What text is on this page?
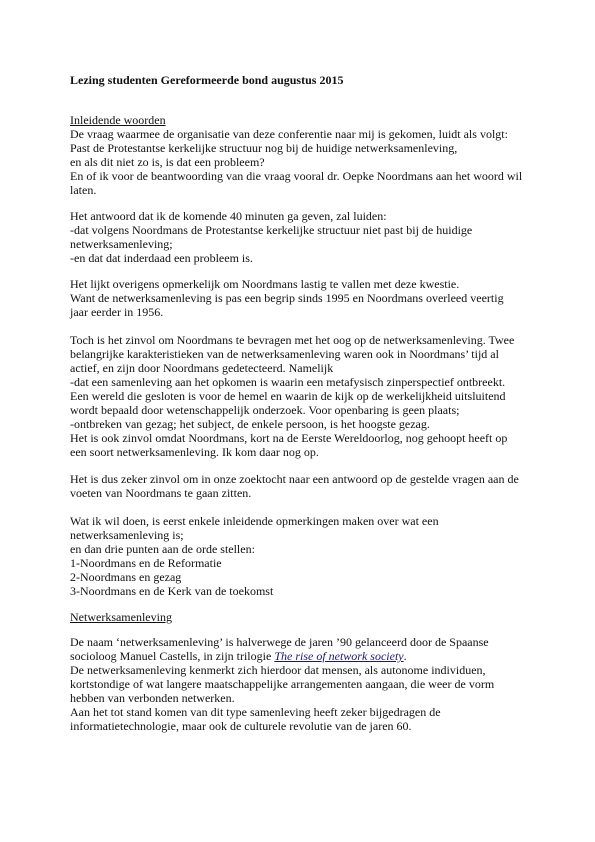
Lezing studenten Gereformeerde bond augustus 2015
Inleidende woorden
De vraag waarmee de organisatie van deze conferentie naar mij is gekomen, luidt als volgt:
Past de Protestantse kerkelijke structuur nog bij de huidige netwerksamenleving,
en als dit niet zo is, is dat een probleem?
En of ik voor de beantwoording van die vraag vooral dr. Oepke Noordmans aan het woord wil
laten.
Het antwoord dat ik de komende 40 minuten ga geven, zal luiden:
-dat volgens Noordmans de Protestantse kerkelijke structuur niet past bij de huidige
netwerksamenleving;
-en dat dat inderdaad een probleem is.
Het lijkt overigens opmerkelijk om Noordmans lastig te vallen met deze kwestie.
Want de netwerksamenleving is pas een begrip sinds 1995 en Noordmans overleed veertig
jaar eerder in 1956.
Toch is het zinvol om Noordmans te bevragen met het oog op de netwerksamenleving. Twee
belangrijke karakteristieken van de netwerksamenleving waren ook in Noordmans’ tijd al
actief, en zijn door Noordmans gedetecteerd. Namelijk
-dat een samenleving aan het opkomen is waarin een metafysisch zinperspectief ontbreekt.
Een wereld die gesloten is voor de hemel en waarin de kijk op de werkelijkheid uitsluitend
wordt bepaald door wetenschappelijk onderzoek. Voor openbaring is geen plaats;
-ontbreken van gezag; het subject, de enkele persoon, is het hoogste gezag.
Het is ook zinvol omdat Noordmans, kort na de Eerste Wereldoorlog, nog gehoopt heeft op
een soort netwerksamenleving. Ik kom daar nog op.
Het is dus zeker zinvol om in onze zoektocht naar een antwoord op de gestelde vragen aan de
voeten van Noordmans te gaan zitten.
Wat ik wil doen, is eerst enkele inleidende opmerkingen maken over wat een
netwerksamenleving is;
en dan drie punten aan de orde stellen:
1-Noordmans en de Reformatie
2-Noordmans en gezag
3-Noordmans en de Kerk van de toekomst
Netwerksamenleving
De naam ‘netwerksamenleving’ is halverwege de jaren ’90 gelanceerd door de Spaanse
socioloog Manuel Castells, in zijn trilogie The rise of network society.
De netwerksamenleving kenmerkt zich hierdoor dat mensen, als autonome individuen,
kortstondige of wat langere maatschappelijke arrangementen aangaan, die weer de vorm
hebben van verbonden netwerken.
Aan het tot stand komen van dit type samenleving heeft zeker bijgedragen de
informatietechnologie, maar ook de culturele revolutie van de jaren 60.
